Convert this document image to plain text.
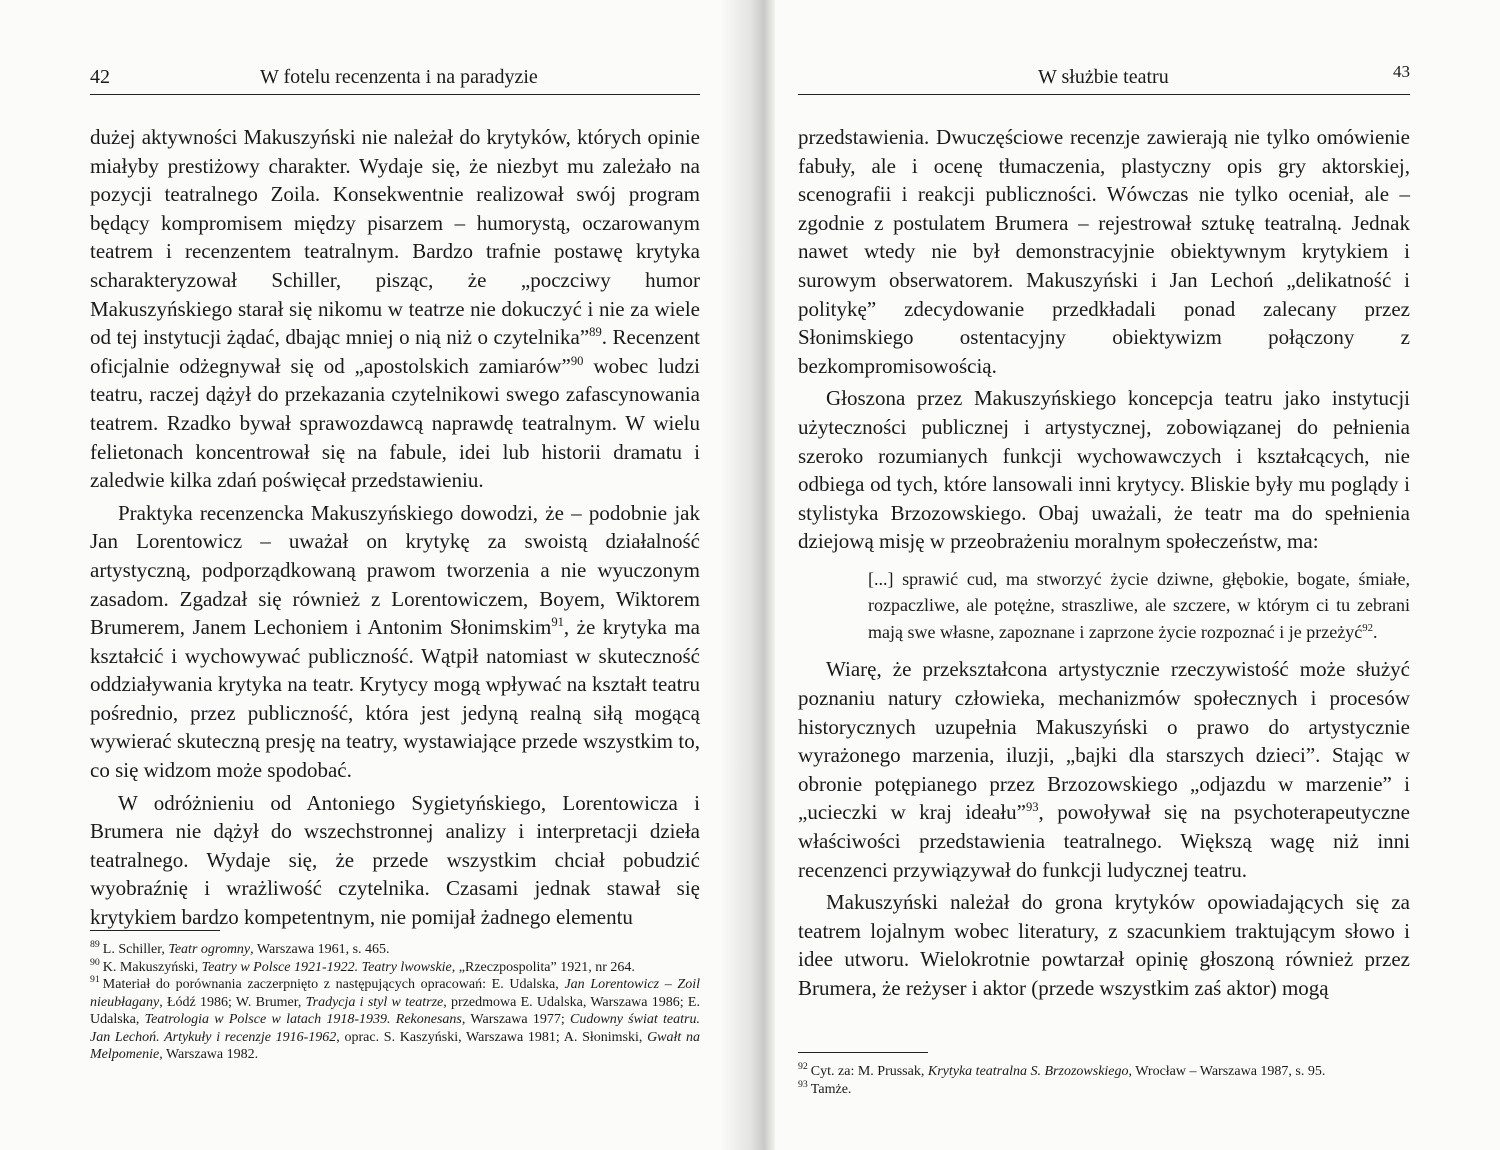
42	W fotelu recenzenta i na paradyzie

dużej aktywności Makuszyński nie należał do krytyków, których opinie miałyby prestiżowy charakter. Wydaje się, że niezbyt mu zależało na pozycji teatralnego Zoila. Konsekwentnie realizował swój program będący kompromisem między pisarzem – humorystą, oczarowanym teatrem i recenzentem teatralnym. Bardzo trafnie postawę krytyka scharakteryzował Schiller, pisząc, że „poczciwy humor Makuszyńskiego starał się nikomu w teatrze nie dokuczyć i nie za wiele od tej instytucji żądać, dbając mniej o nią niż o czytelnika”$^{89}$. Recenzent oficjalnie odżegnywał się od „apostolskich zamiarów”$^{90}$ wobec ludzi teatru, raczej dążył do przekazania czytelnikowi swego zafascynowania teatrem. Rzadko bywał sprawozdawcą naprawdę teatralnym. W wielu felietonach koncentrował się na fabule, idei lub historii dramatu i zaledwie kilka zdań poświęcał przedstawieniu.

Praktyka recenzencka Makuszyńskiego dowodzi, że – podobnie jak Jan Lorentowicz – uważał on krytykę za swoistą działalność artystyczną, podporządkowaną prawom tworzenia a nie wyuczonym zasadom. Zgadzał się również z Lorentowiczem, Boyem, Wiktorem Brumerem, Janem Lechoniem i Antonim Słonimskim$^{91}$, że krytyka ma kształcić i wychowywać publiczność. Wątpił natomiast w skuteczność oddziaływania krytyka na teatr. Krytycy mogą wpływać na kształt teatru pośrednio, przez publiczność, która jest jedyną realną siłą mogącą wywierać skuteczną presję na teatry, wystawiające przede wszystkim to, co się widzom może spodobać.

W odróżnieniu od Antoniego Sygietyńskiego, Lorentowicza i Brumera nie dążył do wszechstronnej analizy i interpretacji dzieła teatralnego. Wydaje się, że przede wszystkim chciał pobudzić wyobraźnię i wrażliwość czytelnika. Czasami jednak stawał się krytykiem bardzo kompetentnym, nie pomijał żadnego elementu

$^{89}$ L. Schiller, Teatr ogromny, Warszawa 1961, s. 465.

$^{90}$ K. Makuszyński, Teatry w Polsce 1921-1922. Teatry lwowskie, „Rzeczpospolita” 1921, nr 264.

$^{91}$ Materiał do porównania zaczerpnięto z następujących opracowań: E. Udalska, Jan Lorentowicz – Zoil nieubłagany, Łódź 1986; W. Brumer, Tradycja i styl w teatrze, przedmowa E. Udalska, Warszawa 1986; E. Udalska, Teatrologia w Polsce w latach 1918-1939. Rekonesans, Warszawa 1977; Cudowny świat teatru. Jan Lechoń. Artykuły i recenzje 1916-1962, oprac. S. Kaszyński, Warszawa 1981; A. Słonimski, Gwałt na Melpomenie, Warszawa 1982.

W służbie teatru	43

przedstawienia. Dwuczęściowe recenzje zawierają nie tylko omówienie fabuły, ale i ocenę tłumaczenia, plastyczny opis gry aktorskiej, scenografii i reakcji publiczności. Wówczas nie tylko oceniał, ale – zgodnie z postulatem Brumera – rejestrował sztukę teatralną. Jednak nawet wtedy nie był demonstracyjnie obiektywnym krytykiem i surowym obserwatorem. Makuszyński i Jan Lechoń „delikatność i politykę” zdecydowanie przedkładali ponad zalecany przez Słonimskiego ostentacyjny obiektywizm połączony z bezkompromisowością.

Głoszona przez Makuszyńskiego koncepcja teatru jako instytucji użyteczności publicznej i artystycznej, zobowiązanej do pełnienia szeroko rozumianych funkcji wychowawczych i kształcących, nie odbiega od tych, które lansowali inni krytycy. Bliskie były mu poglądy i stylistyka Brzozowskiego. Obaj uważali, że teatr ma do spełnienia dziejową misję w przeobrażeniu moralnym społeczeństw, ma:

[...] sprawić cud, ma stworzyć życie dziwne, głębokie, bogate, śmiałe, rozpaczliwe, ale potężne, straszliwe, ale szczere, w którym ci tu zebrani mają swe własne, zapoznane i zaprzone życie rozpoznać i je przeżyć$^{92}$.

Wiarę, że przekształcona artystycznie rzeczywistość może służyć poznaniu natury człowieka, mechanizmów społecznych i procesów historycznych uzupełnia Makuszyński o prawo do artystycznie wyrażonego marzenia, iluzji, „bajki dla starszych dzieci”. Stając w obronie potępianego przez Brzozowskiego „odjazdu w marzenie” i „ucieczki w kraj ideału”$^{93}$, powoływał się na psychoterapeutyczne właściwości przedstawienia teatralnego. Większą wagę niż inni recenzenci przywiązywał do funkcji ludycznej teatru.

Makuszyński należał do grona krytyków opowiadających się za teatrem lojalnym wobec literatury, z szacunkiem traktującym słowo i idee utworu. Wielokrotnie powtarzał opinię głoszoną również przez Brumera, że reżyser i aktor (przede wszystkim zaś aktor) mogą

$^{92}$ Cyt. za: M. Prussak, Krytyka teatralna S. Brzozowskiego, Wrocław – Warszawa 1987, s. 95.

$^{93}$ Tamże.
